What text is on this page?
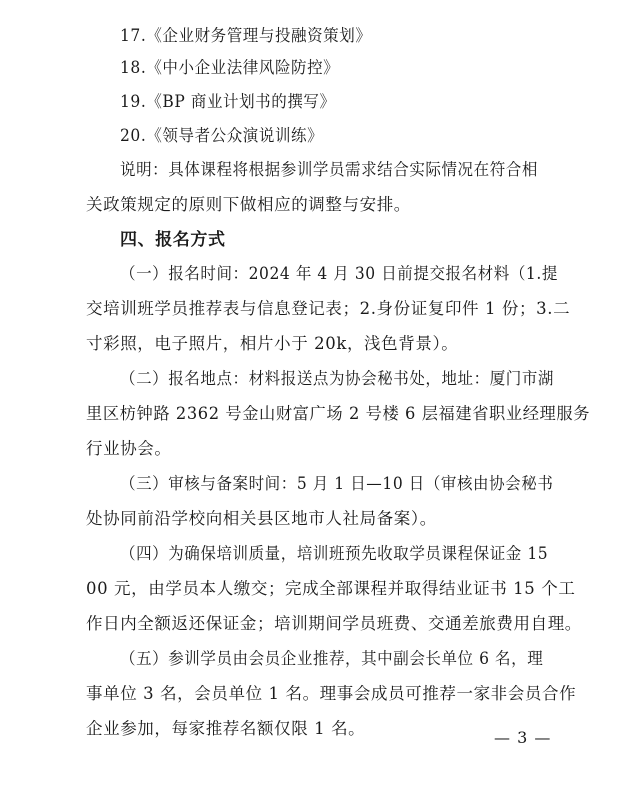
17.《企业财务管理与投融资策划》
18.《中小企业法律风险防控》
19.《BP 商业计划书的撰写》
20.《领导者公众演说训练》
说明：具体课程将根据参训学员需求结合实际情况在符合相
关政策规定的原则下做相应的调整与安排。
四、报名方式
（一）报名时间：2024 年 4 月 30 日前提交报名材料（1.提
交培训班学员推荐表与信息登记表；2.身份证复印件 1 份；3.二
寸彩照，电子照片，相片小于 20k，浅色背景）。
（二）报名地点：材料报送点为协会秘书处，地址：厦门市湖
里区枋钟路 2362 号金山财富广场 2 号楼 6 层福建省职业经理服务
行业协会。
（三）审核与备案时间：5 月 1 日—10 日（审核由协会秘书
处协同前沿学校向相关县区地市人社局备案）。
（四）为确保培训质量，培训班预先收取学员课程保证金 15
00 元，由学员本人缴交；完成全部课程并取得结业证书 15 个工
作日内全额返还保证金；培训期间学员班费、交通差旅费用自理。
（五）参训学员由会员企业推荐，其中副会长单位 6 名，理
事单位 3 名，会员单位 1 名。理事会成员可推荐一家非会员合作
企业参加，每家推荐名额仅限 1 名。	— 3 —
